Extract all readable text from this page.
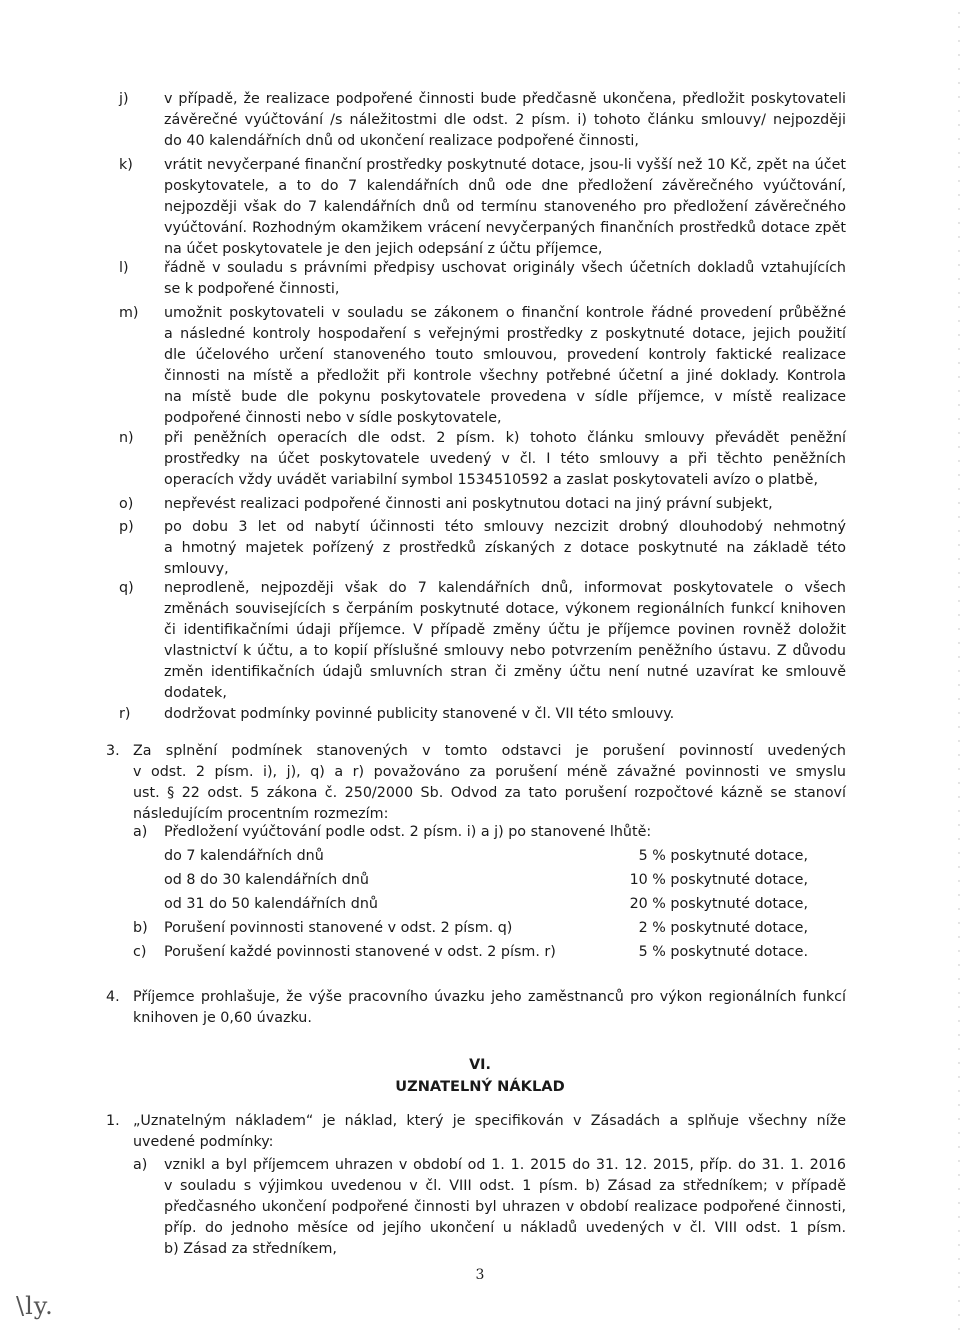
j) v případě, že realizace podpořené činnosti bude předčasně ukončena, předložit poskytovateli
závěrečné vyúčtování /s náležitostmi dle odst. 2 písm. i) tohoto článku smlouvy/ nejpozději
do 40 kalendářních dnů od ukončení realizace podpořené činnosti,
k) vrátit nevyčerpané finanční prostředky poskytnuté dotace, jsou-li vyšší než 10 Kč, zpět na účet
poskytovatele, a to do 7 kalendářních dnů ode dne předložení závěrečného vyúčtování,
nejpozději však do 7 kalendářních dnů od termínu stanoveného pro předložení závěrečného
vyúčtování. Rozhodným okamžikem vrácení nevyčerpaných finančních prostředků dotace zpět
na účet poskytovatele je den jejich odepsání z účtu příjemce,
l) řádně v souladu s právními předpisy uschovat originály všech účetních dokladů vztahujících
se k podpořené činnosti,
m) umožnit poskytovateli v souladu se zákonem o finanční kontrole řádné provedení průběžné
a následné kontroly hospodaření s veřejnými prostředky z poskytnuté dotace, jejich použití
dle účelového určení stanoveného touto smlouvou, provedení kontroly faktické realizace
činnosti na místě a předložit při kontrole všechny potřebné účetní a jiné doklady. Kontrola
na místě bude dle pokynu poskytovatele provedena v sídle příjemce, v místě realizace
podpořené činnosti nebo v sídle poskytovatele,
n) při peněžních operacích dle odst. 2 písm. k) tohoto článku smlouvy převádět peněžní
prostředky na účet poskytovatele uvedený v čl. I této smlouvy a při těchto peněžních
operacích vždy uvádět variabilní symbol 1534510592 a zaslat poskytovateli avízo o platbě,
o) nepřevést realizaci podpořené činnosti ani poskytnutou dotaci na jiný právní subjekt,
p) po dobu 3 let od nabytí účinnosti této smlouvy nezcizit drobný dlouhodobý nehmotný
a hmotný majetek pořízený z prostředků získaných z dotace poskytnuté na základě této
smlouvy,
q) neprodleně, nejpozději však do 7 kalendářních dnů, informovat poskytovatele o všech
změnách souvisejících s čerpáním poskytnuté dotace, výkonem regionálních funkcí knihoven
či identifikačními údaji příjemce. V případě změny účtu je příjemce povinen rovněž doložit
vlastnictví k účtu, a to kopií příslušné smlouvy nebo potvrzením peněžního ústavu. Z důvodu
změn identifikačních údajů smluvních stran či změny účtu není nutné uzavírat ke smlouvě
dodatek,
r) dodržovat podmínky povinné publicity stanovené v čl. VII této smlouvy.
3. Za splnění podmínek stanovených v tomto odstavci je porušení povinností uvedených
v odst. 2 písm. i), j), q) a r) považováno za porušení méně závažné povinnosti ve smyslu
ust. § 22 odst. 5 zákona č. 250/2000 Sb. Odvod za tato porušení rozpočtové kázně se stanoví
následujícím procentním rozmezím:
a) Předložení vyúčtování podle odst. 2 písm. i) a j) po stanovené lhůtě:
do 7 kalendářních dnů	5 % poskytnuté dotace,
od 8 do 30 kalendářních dnů	10 % poskytnuté dotace,
od 31 do 50 kalendářních dnů	20 % poskytnuté dotace,
b) Porušení povinnosti stanovené v odst. 2 písm. q)	2 % poskytnuté dotace,
c) Porušení každé povinnosti stanovené v odst. 2 písm. r)	5 % poskytnuté dotace.
4. Příjemce prohlašuje, že výše pracovního úvazku jeho zaměstnanců pro výkon regionálních funkcí
knihoven je 0,60 úvazku.
VI.
UZNATELNÝ NÁKLAD
1. „Uznatelným nákladem“ je náklad, který je specifikován v Zásadách a splňuje všechny níže
uvedené podmínky:
a) vznikl a byl příjemcem uhrazen v období od 1. 1. 2015 do 31. 12. 2015, příp. do 31. 1. 2016
v souladu s výjimkou uvedenou v čl. VIII odst. 1 písm. b) Zásad za středníkem; v případě
předčasného ukončení podpořené činnosti byl uhrazen v období realizace podpořené činnosti,
příp. do jednoho měsíce od jejího ukončení u nákladů uvedených v čl. VIII odst. 1 písm.
b) Zásad za středníkem,
3
\ly.
